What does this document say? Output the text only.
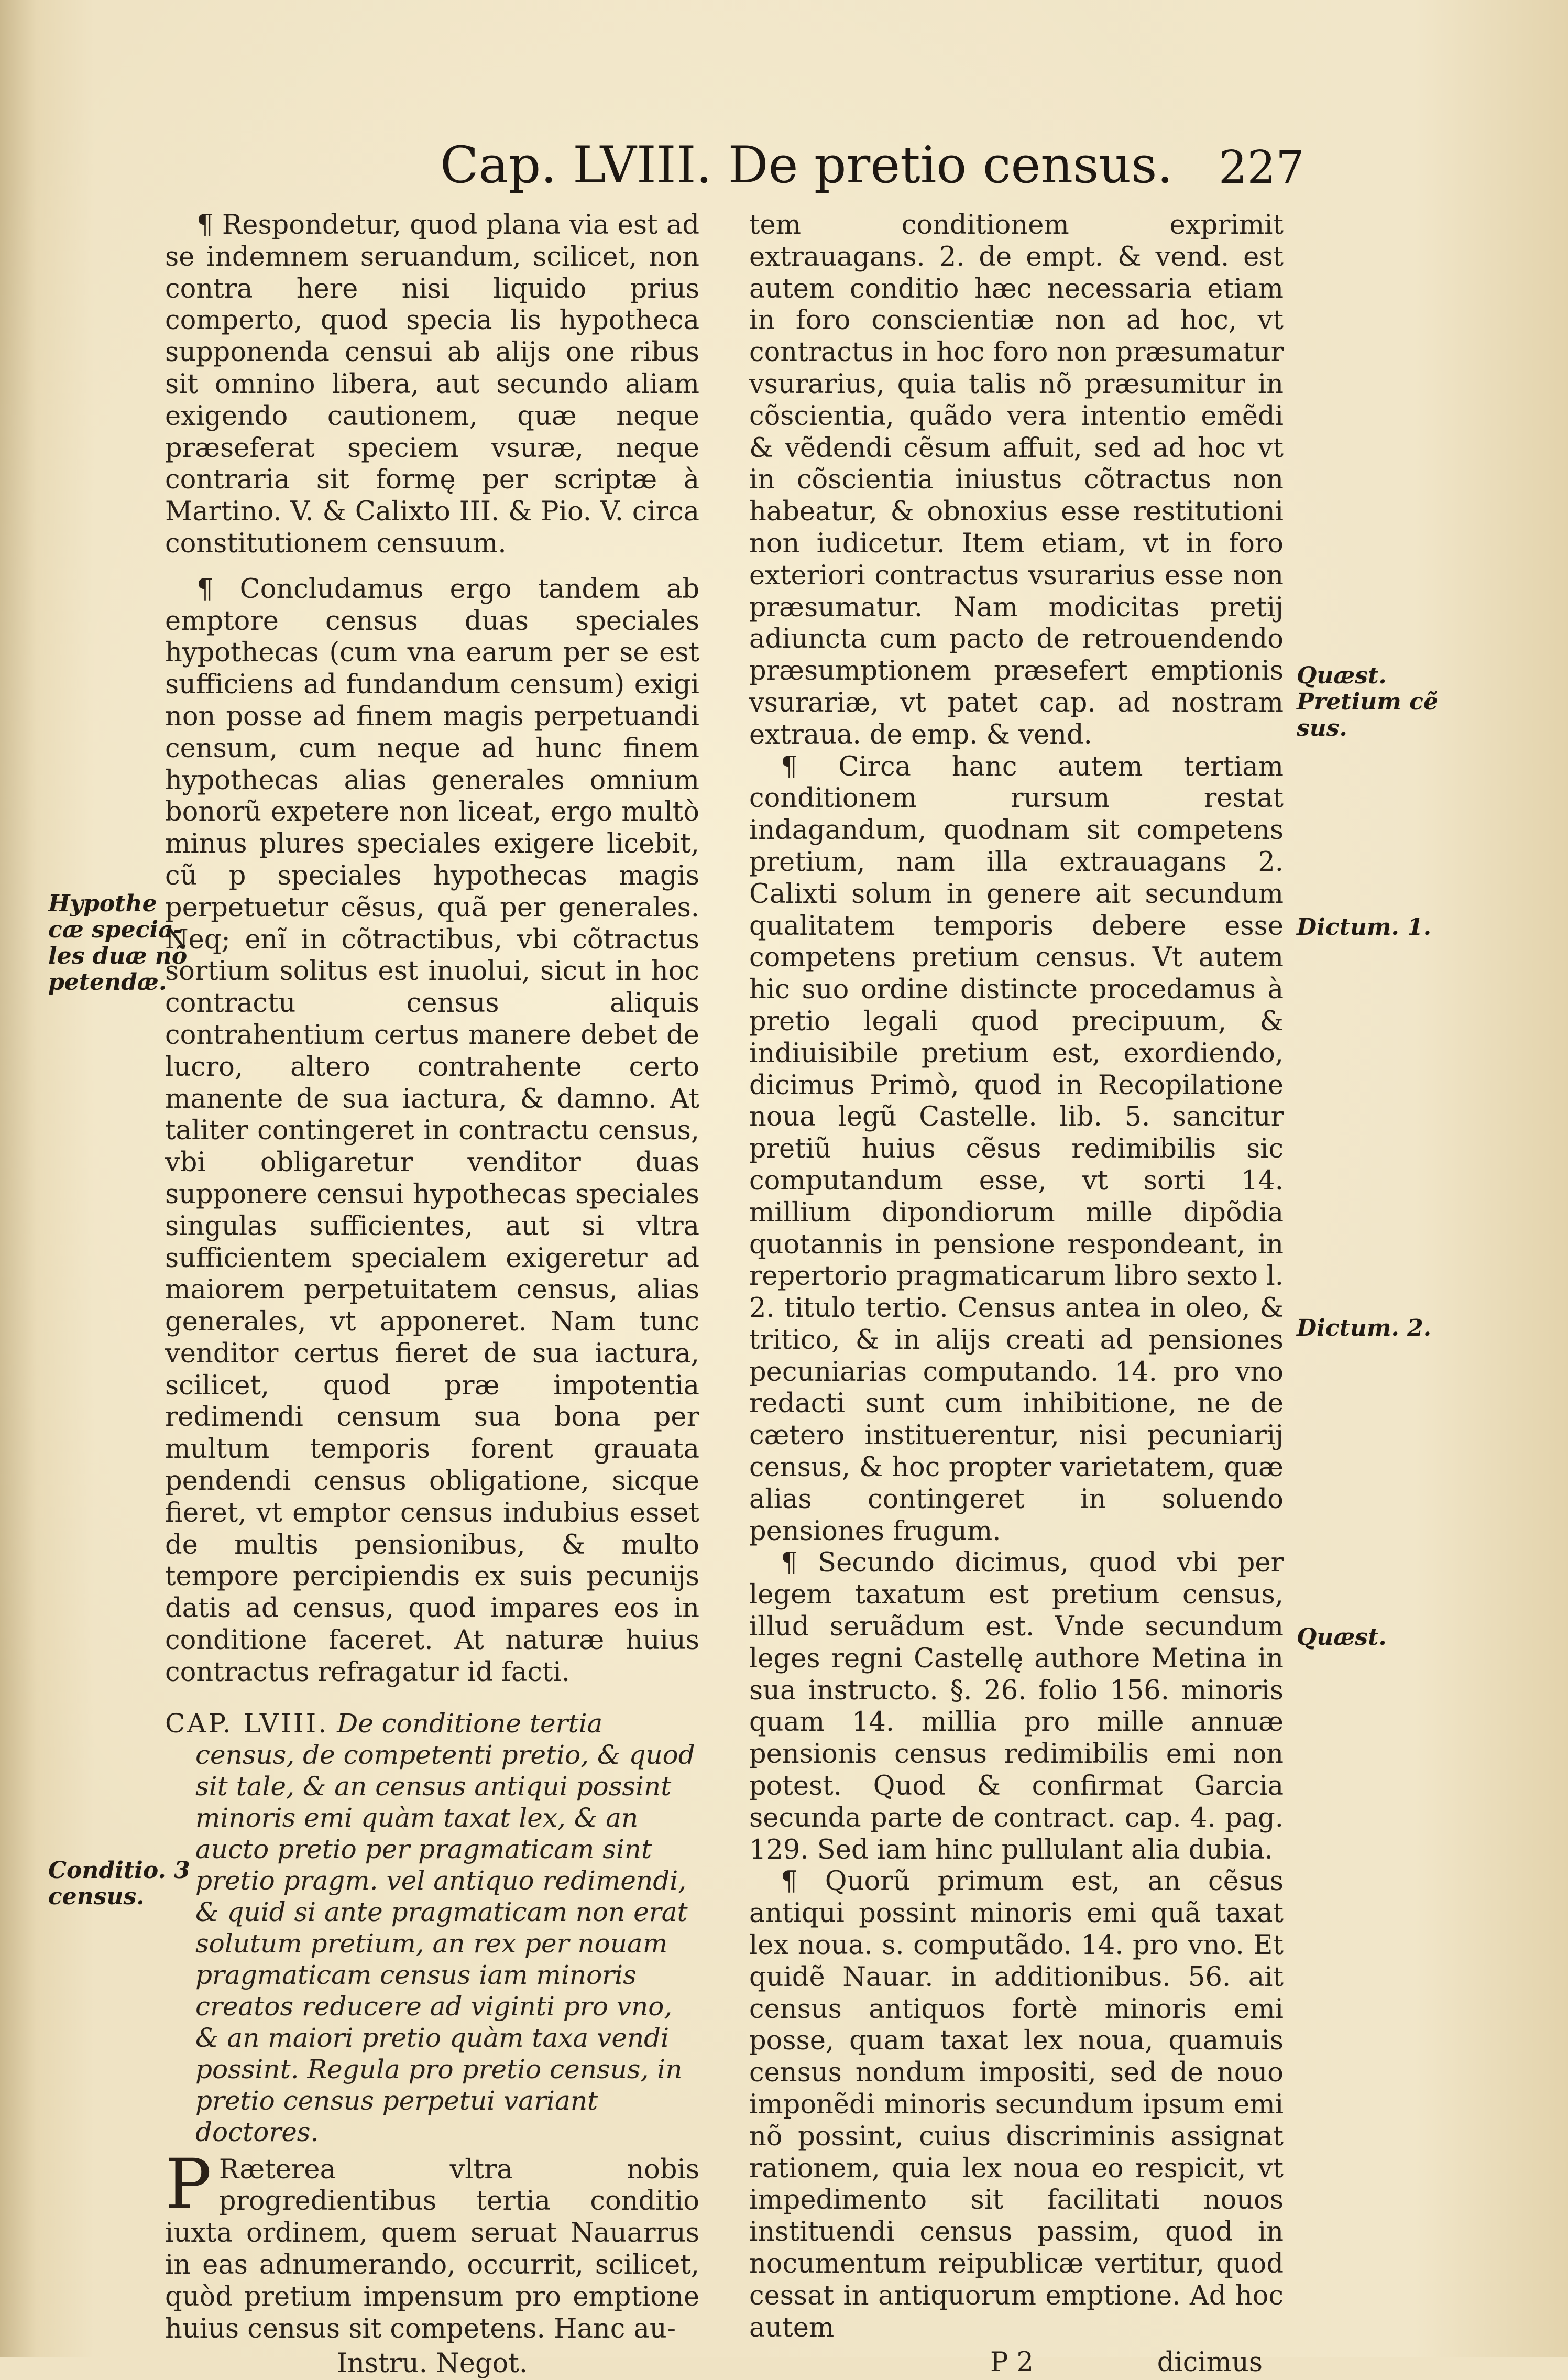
Cap. LVIII. De pretio census.	227

¶ Respondetur, quod plana via est ad se indemnem seruandum, scilicet, non contra here nisi liquido prius comperto, quod specia lis hypotheca supponenda censui ab alijs one ribus sit omnino libera, aut secundo aliam exigendo cautionem, quæ neque præseferat speciem vsuræ, neque contraria sit formę per scriptæ à Martino. V. & Calixto III. & Pio. V. circa constitutionem censuum.

¶ Concludamus ergo tandem ab emptore census duas speciales hypothecas (cum vna earum per se est sufficiens ad fundandum censum) exigi non posse ad finem magis perpetuandi censum, cum neque ad hunc finem hypothecas alias generales omnium bonorũ expetere non liceat, ergo multò minus plures speciales exigere licebit, cũ p speciales hypothecas magis perpetuetur cẽsus, quã per generales. Neq; enĩ in cõtractibus, vbi cõtractus sortium solitus est inuolui, sicut in hoc contractu census aliquis contrahentium certus manere debet de lucro, altero contrahente certo manente de sua iactura, & damno. At taliter contingeret in contractu census, vbi obligaretur venditor duas supponere censui hypothecas speciales singulas sufficientes, aut si vltra sufficientem specialem exigeretur ad maiorem perpetuitatem census, alias generales, vt apponeret. Nam tunc venditor certus fieret de sua iactura, scilicet, quod præ impotentia redimendi censum sua bona per multum temporis forent grauata pendendi census obligatione, sicque fieret, vt emptor census indubius esset de multis pensionibus, & multo tempore percipiendis ex suis pecunijs datis ad census, quod impares eos in conditione faceret. At naturæ huius contractus refragatur id facti.

CAP. LVIII. De conditione tertia census, de competenti pretio, & quod sit tale, & an census antiqui possint minoris emi quàm taxat lex, & an aucto pretio per pragmaticam sint pretio pragm. vel antiquo redimendi, & quid si ante pragmaticam non erat solutum pretium, an rex per nouam pragmaticam census iam minoris creatos reducere ad viginti pro vno, & an maiori pretio quàm taxa vendi possint. Regula pro pretio census, in pretio census perpetui variant doctores.

P Ræterea vltra nobis progredientibus tertia conditio iuxta ordinem, quem seruat Nauarrus in eas adnumerando, occurrit, scilicet, quòd pretium impensum pro emptione huius census sit competens. Hanc au-

Instru. Negot.

tem conditionem exprimit extrauagans. 2. de empt. & vend. est autem conditio hæc necessaria etiam in foro conscientiæ non ad hoc, vt contractus in hoc foro non præsumatur vsurarius, quia talis nõ præsumitur in cõscientia, quãdo vera intentio emẽdi & vẽdendi cẽsum affuit, sed ad hoc vt in cõscientia iniustus cõtractus non habeatur, & obnoxius esse restitutioni non iudicetur. Item etiam, vt in foro exteriori contractus vsurarius esse non præsumatur. Nam modicitas pretij adiuncta cum pacto de retrouendendo præsumptionem præsefert emptionis vsurariæ, vt patet cap. ad nostram extraua. de emp. & vend.

¶ Circa hanc autem tertiam conditionem rursum restat indagandum, quodnam sit competens pretium, nam illa extrauagans 2. Calixti solum in genere ait secundum qualitatem temporis debere esse competens pretium census. Vt autem hic suo ordine distincte procedamus à pretio legali quod precipuum, & indiuisibile pretium est, exordiendo, dicimus Primò, quod in Recopilatione noua legũ Castelle. lib. 5. sancitur pretiũ huius cẽsus redimibilis sic computandum esse, vt sorti 14. millium dipondiorum mille dipõdia quotannis in pensione respondeant, in repertorio pragmaticarum libro sexto l. 2. titulo tertio. Census antea in oleo, & tritico, & in alijs creati ad pensiones pecuniarias computando. 14. pro vno redacti sunt cum inhibitione, ne de cætero instituerentur, nisi pecuniarij census, & hoc propter varietatem, quæ alias contingeret in soluendo pensiones frugum.

¶ Secundo dicimus, quod vbi per legem taxatum est pretium census, illud seruãdum est. Vnde secundum leges regni Castellę authore Metina in sua instructo. §. 26. folio 156. minoris quam 14. millia pro mille annuæ pensionis census redimibilis emi non potest. Quod & confirmat Garcia secunda parte de contract. cap. 4. pag. 129. Sed iam hinc pullulant alia dubia.

¶ Quorũ primum est, an cẽsus antiqui possint minoris emi quã taxat lex noua. s. computãdo. 14. pro vno. Et quidẽ Nauar. in additionibus. 56. ait census antiquos fortè minoris emi posse, quam taxat lex noua, quamuis census nondum impositi, sed de nouo imponẽdi minoris secundum ipsum emi nõ possint, cuius discriminis assignat rationem, quia lex noua eo respicit, vt impedimento sit facilitati nouos instituendi census passim, quod in nocumentum reipublicæ vertitur, quod cessat in antiquorum emptione. Ad hoc autem

P 2	dicimus
Hypothe
cæ specia-
les duæ nõ
petendæ.
Conditio. 3
census.
Quæst.
Pretium cẽ
sus.
Dictum. 1.
Dictum. 2.
Quæst.
